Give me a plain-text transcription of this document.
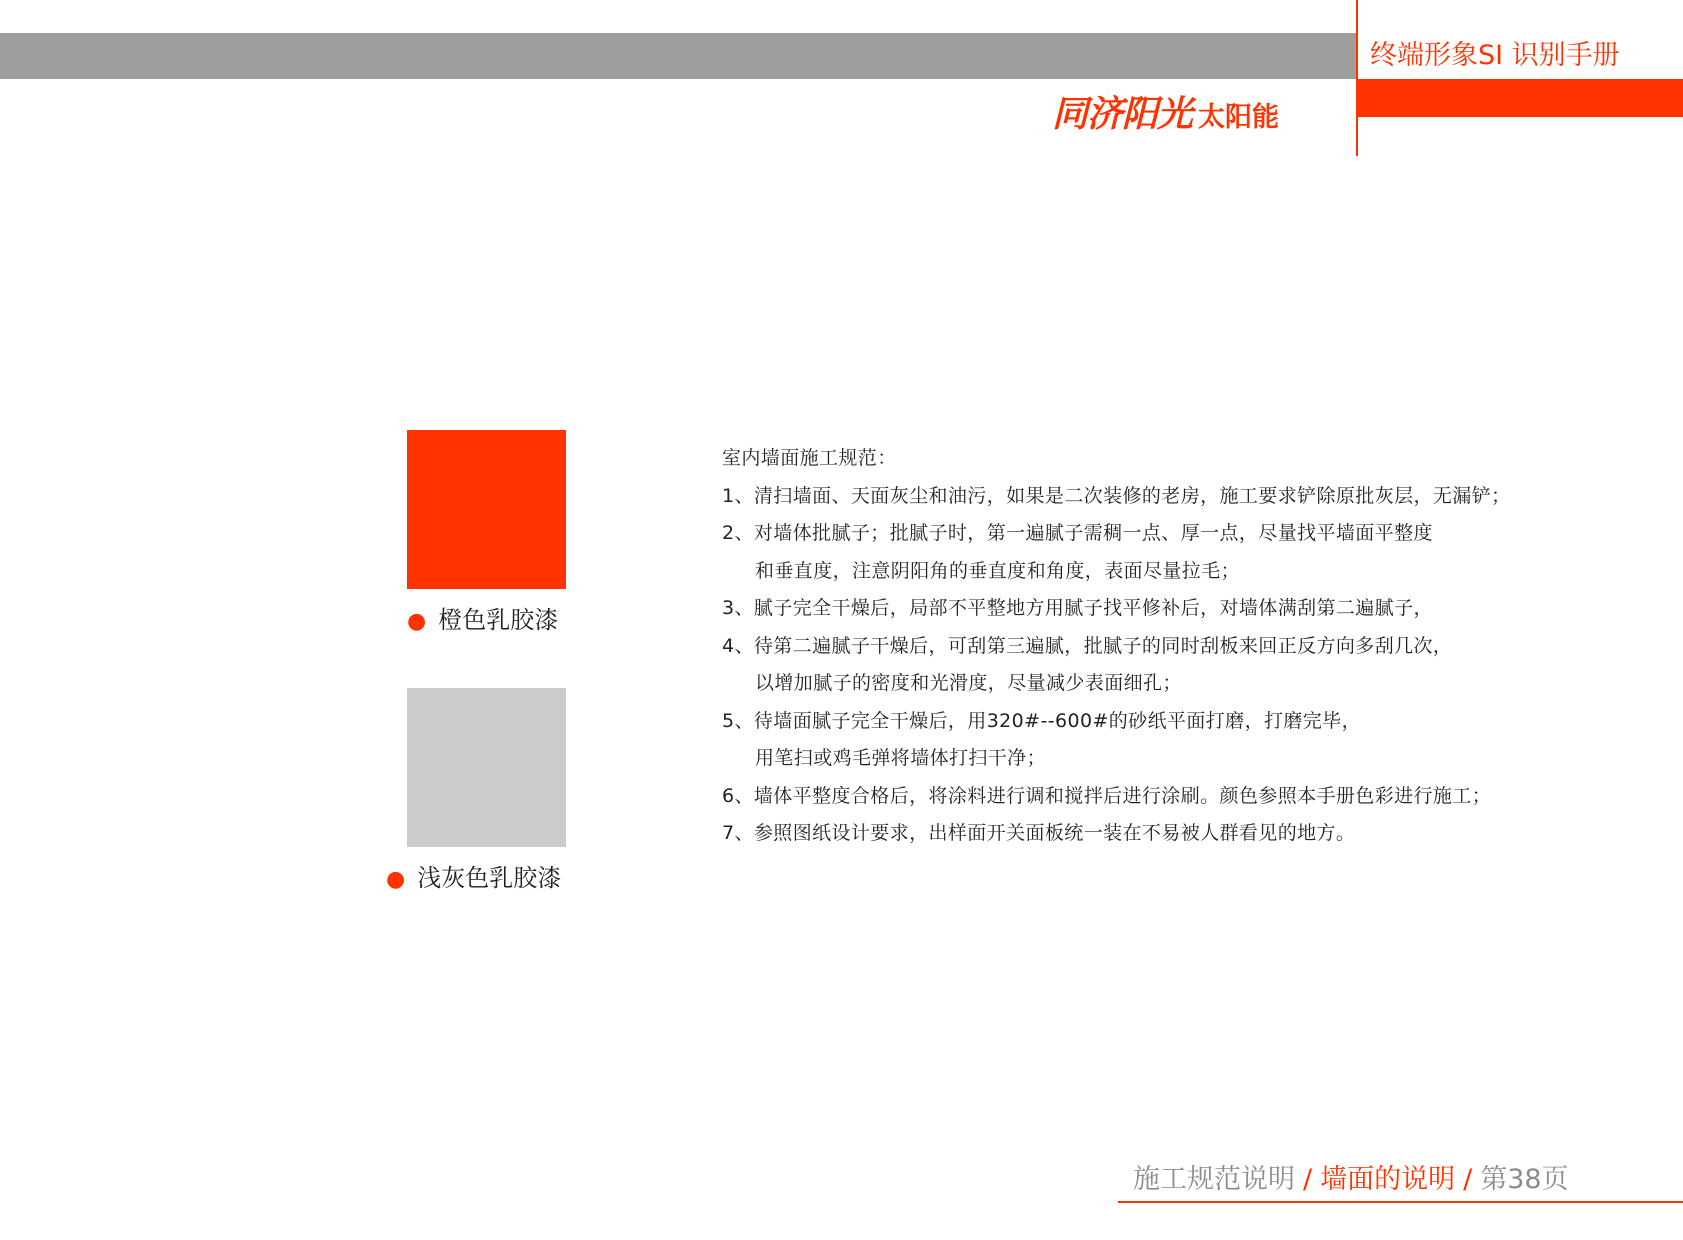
终端形象SI 识别手册
同济阳光 太阳能
● 橙色乳胶漆
● 浅灰色乳胶漆
室内墙面施工规范：
1、清扫墙面、天面灰尘和油污，如果是二次装修的老房，施工要求铲除原批灰层，无漏铲；
2、对墙体批腻子；批腻子时，第一遍腻子需稠一点、厚一点，尽量找平墙面平整度
和垂直度，注意阴阳角的垂直度和角度，表面尽量拉毛；
3、腻子完全干燥后，局部不平整地方用腻子找平修补后，对墙体满刮第二遍腻子，
4、待第二遍腻子干燥后，可刮第三遍腻，批腻子的同时刮板来回正反方向多刮几次，
以增加腻子的密度和光滑度，尽量减少表面细孔；
5、待墙面腻子完全干燥后，用320#--600#的砂纸平面打磨，打磨完毕，
用笔扫或鸡毛弹将墙体打扫干净；
6、墙体平整度合格后，将涂料进行调和搅拌后进行涂刷。颜色参照本手册色彩进行施工；
7、参照图纸设计要求，出样面开关面板统一装在不易被人群看见的地方。
施工规范说明 / 墙面的说明 / 第38页
